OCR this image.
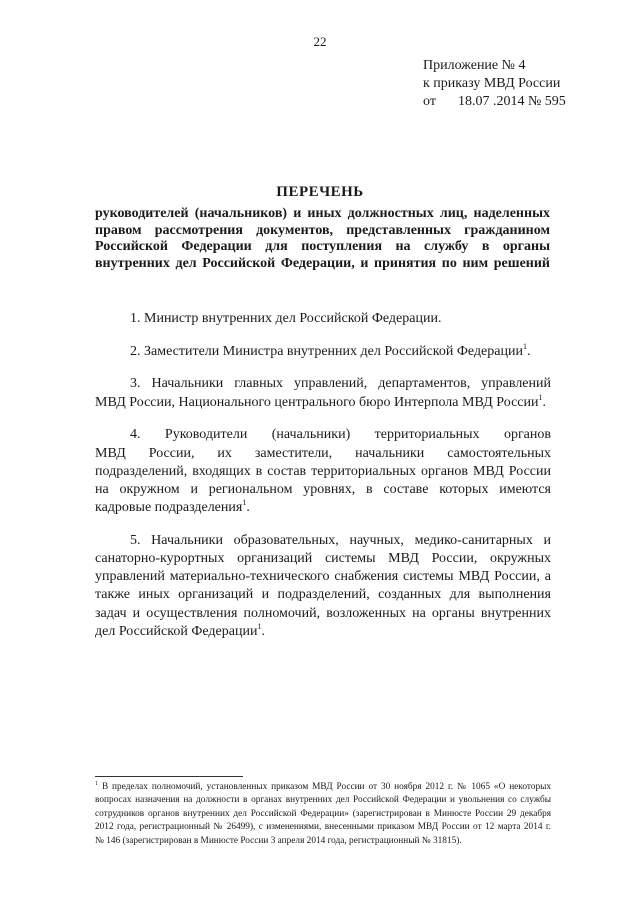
22
Приложение № 4
к приказу МВД России
от 18.07 .2014 № 595
ПЕРЕЧЕНЬ
руководителей (начальников) и иных должностных лиц, наделенных
правом рассмотрения документов, представленных гражданином
Российской Федерации для поступления на службу в органы
внутренних дел Российской Федерации, и принятия по ним решений
1. Министр внутренних дел Российской Федерации.
2. Заместители Министра внутренних дел Российской Федерации$^1$.
3. Начальники главных управлений, департаментов, управлений
МВД России, Национального центрального бюро Интерпола МВД России$^1$.
4. Руководители (начальники) территориальных органов
МВД России, их заместители, начальники самостоятельных
подразделений, входящих в состав территориальных органов МВД России
на окружном и региональном уровнях, в составе которых имеются
кадровые подразделения$^1$.
5. Начальники образовательных, научных, медико-санитарных и
санаторно-курортных организаций системы МВД России, окружных
управлений материально-технического снабжения системы МВД России, а
также иных организаций и подразделений, созданных для выполнения
задач и осуществления полномочий, возложенных на органы внутренних
дел Российской Федерации$^1$.
$^1$ В пределах полномочий, установленных приказом МВД России от 30 ноября 2012 г. № 1065 «О некоторых
вопросах назначения на должности в органах внутренних дел Российской Федерации и увольнения со службы
сотрудников органов внутренних дел Российской Федерации» (зарегистрирован в Минюсте России 29 декабря
2012 года, регистрационный № 26499), с изменениями, внесенными приказом МВД России от 12 марта 2014 г.
№ 146 (зарегистрирован в Минюсте России 3 апреля 2014 года, регистрационный № 31815).
